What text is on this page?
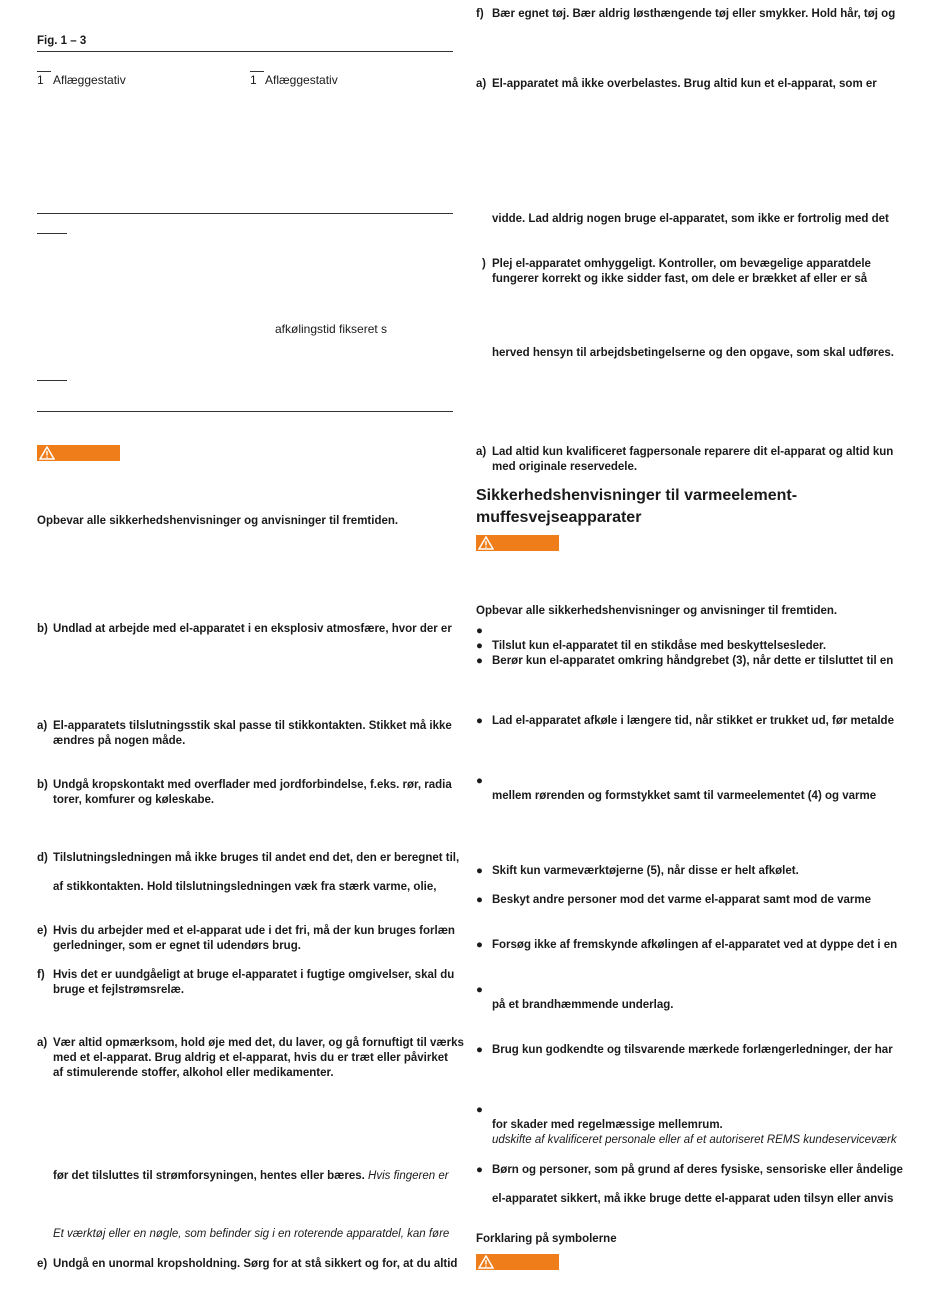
Fig. 1 – 3
1 Aflæggestativ	1 Aflæggestativ
afkølingstid fikseret s
Opbevar alle sikkerhedshenvisninger og anvisninger til fremtiden.
b) Undlad at arbejde med el-apparatet i en eksplosiv atmosfære, hvor der er
a) El-apparatets tilslutningsstik skal passe til stikkontakten. Stikket må ikke
ændres på nogen måde.
b) Undgå kropskontakt med overflader med jordforbindelse, f.eks. rør, radia
torer, komfurer og køleskabe.
d) Tilslutningsledningen må ikke bruges til andet end det, den er beregnet til,
af stikkontakten. Hold tilslutningsledningen væk fra stærk varme, olie,
e) Hvis du arbejder med et el-apparat ude i det fri, må der kun bruges forlæn
gerledninger, som er egnet til udendørs brug.
f) Hvis det er uundgåeligt at bruge el-apparatet i fugtige omgivelser, skal du
bruge et fejlstrømsrelæ.
a) Vær altid opmærksom, hold øje med det, du laver, og gå fornuftigt til værks
med et el-apparat. Brug aldrig et el-apparat, hvis du er træt eller påvirket
af stimulerende stoffer, alkohol eller medikamenter.
før det tilsluttes til strømforsyningen, hentes eller bæres. Hvis fingeren er
Et værktøj eller en nøgle, som befinder sig i en roterende apparatdel, kan føre
e) Undgå en unormal kropsholdning. Sørg for at stå sikkert og for, at du altid
f) Bær egnet tøj. Bær aldrig løsthængende tøj eller smykker. Hold hår, tøj og
a) El-apparatet må ikke overbelastes. Brug altid kun et el-apparat, som er
vidde. Lad aldrig nogen bruge el-apparatet, som ikke er fortrolig med det
) Plej el-apparatet omhyggeligt. Kontroller, om bevægelige apparatdele
fungerer korrekt og ikke sidder fast, om dele er brækket af eller er så
herved hensyn til arbejdsbetingelserne og den opgave, som skal udføres.
a) Lad altid kun kvalificeret fagpersonale reparere dit el-apparat og altid kun
med originale reservedele.
Sikkerhedshenvisninger til varmeelement-
muffesvejseapparater
Opbevar alle sikkerhedshenvisninger og anvisninger til fremtiden.
●
● Tilslut kun el-apparatet til en stikdåse med beskyttelsesleder.
● Berør kun el-apparatet omkring håndgrebet (3), når dette er tilsluttet til en
● Lad el-apparatet afkøle i længere tid, når stikket er trukket ud, før metalde
●
mellem rørenden og formstykket samt til varmeelementet (4) og varme
● Skift kun varmeværktøjerne (5), når disse er helt afkølet.
● Beskyt andre personer mod det varme el-apparat samt mod de varme
● Forsøg ikke af fremskynde afkølingen af el-apparatet ved at dyppe det i en
●
på et brandhæmmende underlag.
● Brug kun godkendte og tilsvarende mærkede forlængerledninger, der har
●
for skader med regelmæssige mellemrum.
udskifte af kvalificeret personale eller af et autoriseret REMS kundeserviceværk
● Børn og personer, som på grund af deres fysiske, sensoriske eller åndelige
el-apparatet sikkert, må ikke bruge dette el-apparat uden tilsyn eller anvis
Forklaring på symbolerne
